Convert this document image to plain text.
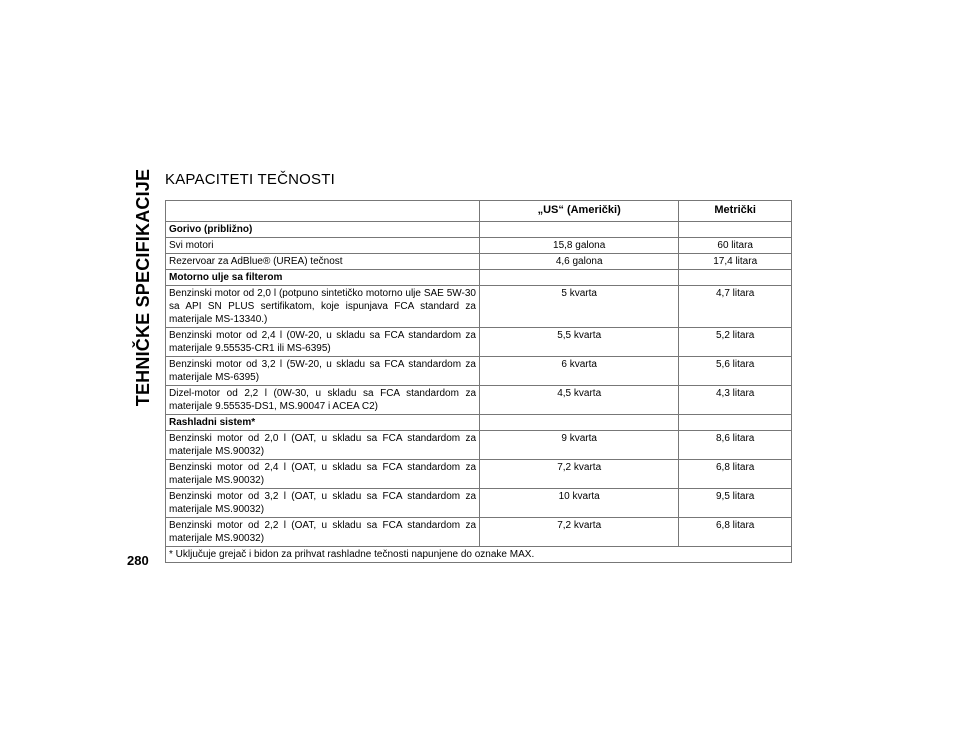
TEHNIČKE SPECIFIKACIJE KAPACITETI TEČNOSTI
	„US“ (Američki)	Metrički
Gorivo (približno)		
Svi motori	15,8 galona	60 litara
Rezervoar za AdBlue® (UREA) tečnost	4,6 galona	17,4 litara
Motorno ulje sa filterom		
Benzinski motor od 2,0 l (potpuno sintetičko motorno ulje SAE 5W-30 sa API SN PLUS sertifikatom, koje ispunjava FCA standard za materijale MS-13340.)	5 kvarta	4,7 litara
Benzinski motor od 2,4 l (0W-20, u skladu sa FCA standardom za materijale 9.55535-CR1 ili MS-6395)	5,5 kvarta	5,2 litara
Benzinski motor od 3,2 l (5W-20, u skladu sa FCA standardom za materijale MS-6395)	6 kvarta	5,6 litara
Dizel-motor od 2,2 l (0W-30, u skladu sa FCA standardom za materijale 9.55535-DS1, MS.90047 i ACEA C2)	4,5 kvarta	4,3 litara
Rashladni sistem*		
Benzinski motor od 2,0 l (OAT, u skladu sa FCA standardom za materijale MS.90032)	9 kvarta	8,6 litara
Benzinski motor od 2,4 l (OAT, u skladu sa FCA standardom za materijale MS.90032)	7,2 kvarta	6,8 litara
Benzinski motor od 3,2 l (OAT, u skladu sa FCA standardom za materijale MS.90032)	10 kvarta	9,5 litara
Benzinski motor od 2,2 l (OAT, u skladu sa FCA standardom za materijale MS.90032)	7,2 kvarta	6,8 litara
* Uključuje grejač i bidon za prihvat rashladne tečnosti napunjene do oznake MAX.		
280
